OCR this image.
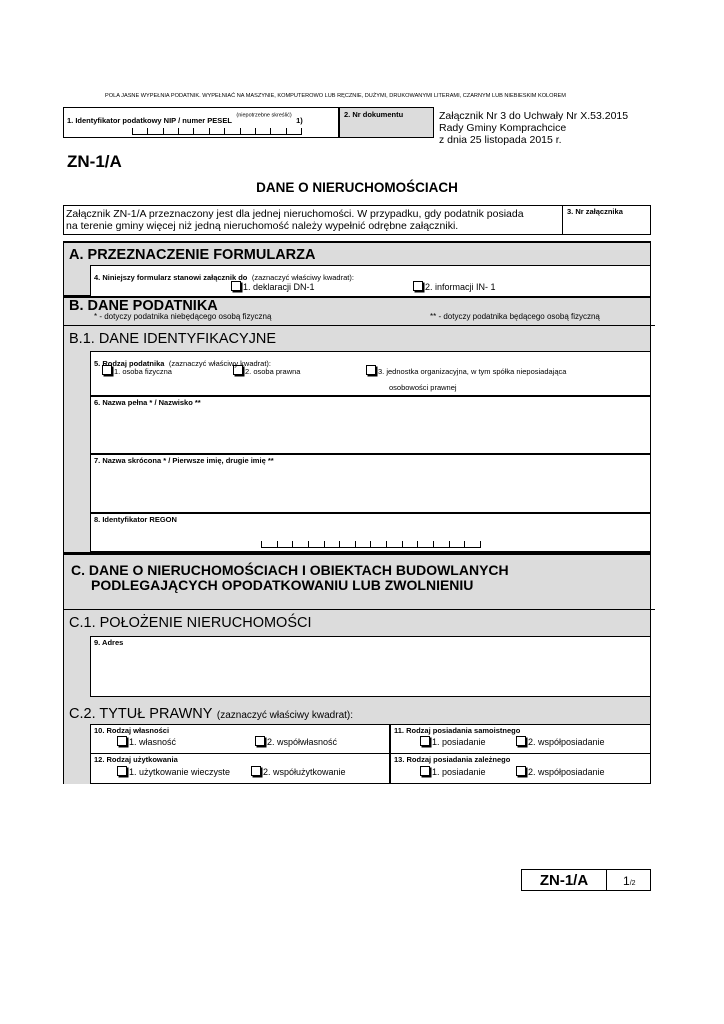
POLA JASNE WYPEŁNIA PODATNIK. WYPEŁNIAĆ NA MASZYNIE, KOMPUTEROWO LUB RĘCZNIE, DUŻYMI, DRUKOWANYMI LITERAMI, CZARNYM LUB NIEBIESKIM KOLOREM
1. Identyfikator podatkowy NIP / numer PESEL $^{(niepotrzebne skreślić)}$ 1)
2. Nr dokumentu	Załącznik Nr 3 do Uchwały Nr X.53.2015
Rady Gminy Komprachcice
z dnia 25 listopada 2015 r.
ZN-1/A
DANE O NIERUCHOMOŚCIACH
Załącznik ZN-1/A przeznaczony jest dla jednej nieruchomości. W przypadku, gdy podatnik posiada
na terenie gminy więcej niż jedną nieruchomość należy wypełnić odrębne załączniki.
3. Nr załącznika
A. PRZEZNACZENIE FORMULARZA
4. Niniejszy formularz stanowi załącznik do (zaznaczyć właściwy kwadrat):
1. deklaracji DN-1	2. informacji IN- 1
B. DANE PODATNIKA
* - dotyczy podatnika niebędącego osobą fizyczną	** - dotyczy podatnika będącego osobą fizyczną
B.1. DANE IDENTYFIKACYJNE
5. Rodzaj podatnika (zaznaczyć właściwy kwadrat):
1. osoba fizyczna	2. osoba prawna	3. jednostka organizacyjna, w tym spółka nieposiadająca
osobowości prawnej
6. Nazwa pełna * / Nazwisko **
7. Nazwa skrócona * / Pierwsze imię, drugie imię **
8. Identyfikator REGON
C. DANE O NIERUCHOMOŚCIACH I OBIEKTACH BUDOWLANYCH
PODLEGAJĄCYCH OPODATKOWANIU LUB ZWOLNIENIU
C.1. POŁOŻENIE NIERUCHOMOŚCI
9. Adres
C.2. TYTUŁ PRAWNY (zaznaczyć właściwy kwadrat):
10. Rodzaj własności
1. własność	2. współwłasność
11. Rodzaj posiadania samoistnego
1. posiadanie	2. współposiadanie
12. Rodzaj użytkowania
1. użytkowanie wieczyste	2. współużytkowanie
13. Rodzaj posiadania zależnego
1. posiadanie	2. współposiadanie
ZN-1/A	1/2
